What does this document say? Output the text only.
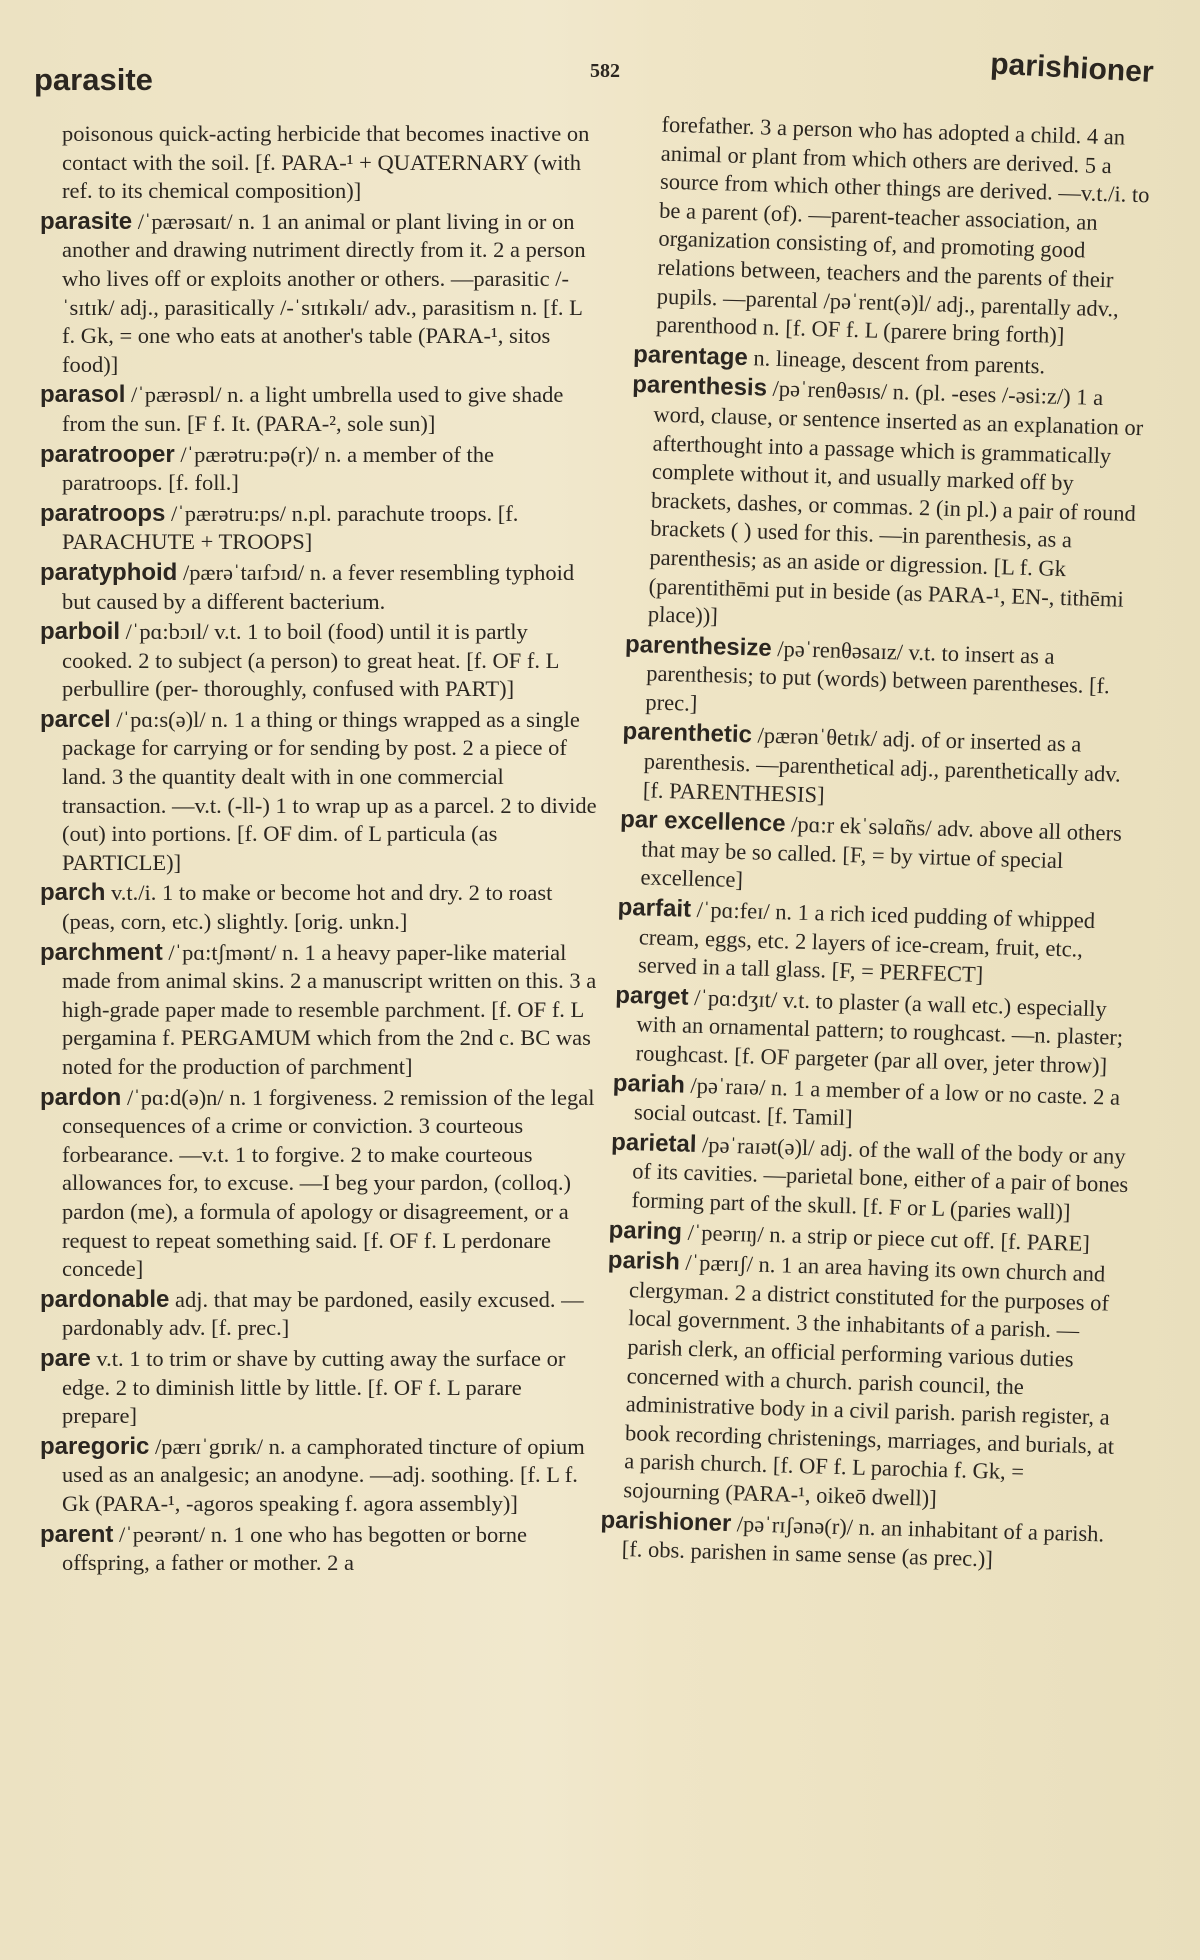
parasite	582	parishioner

poisonous quick-acting herbicide that becomes inactive on contact with the soil. [f. PARA-¹ + QUATERNARY (with ref. to its chemical composition)]

parasite /ˈpærəsaɪt/ n. 1 an animal or plant living in or on another and drawing nutriment directly from it. 2 a person who lives off or exploits another or others. —parasitic /-ˈsɪtɪk/ adj., parasitically /-ˈsɪtɪkəlɪ/ adv., parasitism n. [f. L f. Gk, = one who eats at another's table (PARA-¹, sitos food)]

parasol /ˈpærəsɒl/ n. a light umbrella used to give shade from the sun. [F f. It. (PARA-², sole sun)]

paratrooper /ˈpærətru:pə(r)/ n. a member of the paratroops. [f. foll.]

paratroops /ˈpærətru:ps/ n.pl. parachute troops. [f. PARACHUTE + TROOPS]

paratyphoid /pærəˈtaɪfɔɪd/ n. a fever resembling typhoid but caused by a different bacterium.

parboil /ˈpɑ:bɔɪl/ v.t. 1 to boil (food) until it is partly cooked. 2 to subject (a person) to great heat. [f. OF f. L perbullire (per- thoroughly, confused with PART)]

parcel /ˈpɑ:s(ə)l/ n. 1 a thing or things wrapped as a single package for carrying or for sending by post. 2 a piece of land. 3 the quantity dealt with in one commercial transaction. —v.t. (-ll-) 1 to wrap up as a parcel. 2 to divide (out) into portions. [f. OF dim. of L particula (as PARTICLE)]

parch v.t./i. 1 to make or become hot and dry. 2 to roast (peas, corn, etc.) slightly. [orig. unkn.]

parchment /ˈpɑ:tʃmənt/ n. 1 a heavy paper-like material made from animal skins. 2 a manuscript written on this. 3 a high-grade paper made to resemble parchment. [f. OF f. L pergamina f. PERGAMUM which from the 2nd c. BC was noted for the production of parchment]

pardon /ˈpɑ:d(ə)n/ n. 1 forgiveness. 2 remission of the legal consequences of a crime or conviction. 3 courteous forbearance. —v.t. 1 to forgive. 2 to make courteous allowances for, to excuse. —I beg your pardon, (colloq.) pardon (me), a formula of apology or disagreement, or a request to repeat something said. [f. OF f. L perdonare concede]

pardonable adj. that may be pardoned, easily excused. —pardonably adv. [f. prec.]

pare v.t. 1 to trim or shave by cutting away the surface or edge. 2 to diminish little by little. [f. OF f. L parare prepare]

paregoric /pærɪˈgɒrɪk/ n. a camphorated tincture of opium used as an analgesic; an anodyne. —adj. soothing. [f. L f. Gk (PARA-¹, -agoros speaking f. agora assembly)]

parent /ˈpeərənt/ n. 1 one who has begotten or borne offspring, a father or mother. 2 a

forefather. 3 a person who has adopted a child. 4 an animal or plant from which others are derived. 5 a source from which other things are derived. —v.t./i. to be a parent (of). —parent-teacher association, an organization consisting of, and promoting good relations between, teachers and the parents of their pupils. —parental /pəˈrent(ə)l/ adj., parentally adv., parenthood n. [f. OF f. L (parere bring forth)]

parentage n. lineage, descent from parents.

parenthesis /pəˈrenθəsɪs/ n. (pl. -eses /-əsi:z/) 1 a word, clause, or sentence inserted as an explanation or afterthought into a passage which is grammatically complete without it, and usually marked off by brackets, dashes, or commas. 2 (in pl.) a pair of round brackets ( ) used for this. —in parenthesis, as a parenthesis; as an aside or digression. [L f. Gk (parentithēmi put in beside (as PARA-¹, EN-, tithēmi place))]

parenthesize /pəˈrenθəsaɪz/ v.t. to insert as a parenthesis; to put (words) between parentheses. [f. prec.]

parenthetic /pærənˈθetɪk/ adj. of or inserted as a parenthesis. —parenthetical adj., parenthetically adv. [f. PARENTHESIS]

par excellence /pɑ:r ekˈsəlɑ̃ns/ adv. above all others that may be so called. [F, = by virtue of special excellence]

parfait /ˈpɑ:feɪ/ n. 1 a rich iced pudding of whipped cream, eggs, etc. 2 layers of ice-cream, fruit, etc., served in a tall glass. [F, = PERFECT]

parget /ˈpɑ:dʒɪt/ v.t. to plaster (a wall etc.) especially with an ornamental pattern; to roughcast. —n. plaster; roughcast. [f. OF pargeter (par all over, jeter throw)]

pariah /pəˈraɪə/ n. 1 a member of a low or no caste. 2 a social outcast. [f. Tamil]

parietal /pəˈraɪət(ə)l/ adj. of the wall of the body or any of its cavities. —parietal bone, either of a pair of bones forming part of the skull. [f. F or L (paries wall)]

paring /ˈpeərɪŋ/ n. a strip or piece cut off. [f. PARE]

parish /ˈpærɪʃ/ n. 1 an area having its own church and clergyman. 2 a district constituted for the purposes of local government. 3 the inhabitants of a parish. —parish clerk, an official performing various duties concerned with a church. parish council, the administrative body in a civil parish. parish register, a book recording christenings, marriages, and burials, at a parish church. [f. OF f. L parochia f. Gk, = sojourning (PARA-¹, oikeō dwell)]

parishioner /pəˈrɪʃənə(r)/ n. an inhabitant of a parish. [f. obs. parishen in same sense (as prec.)]
